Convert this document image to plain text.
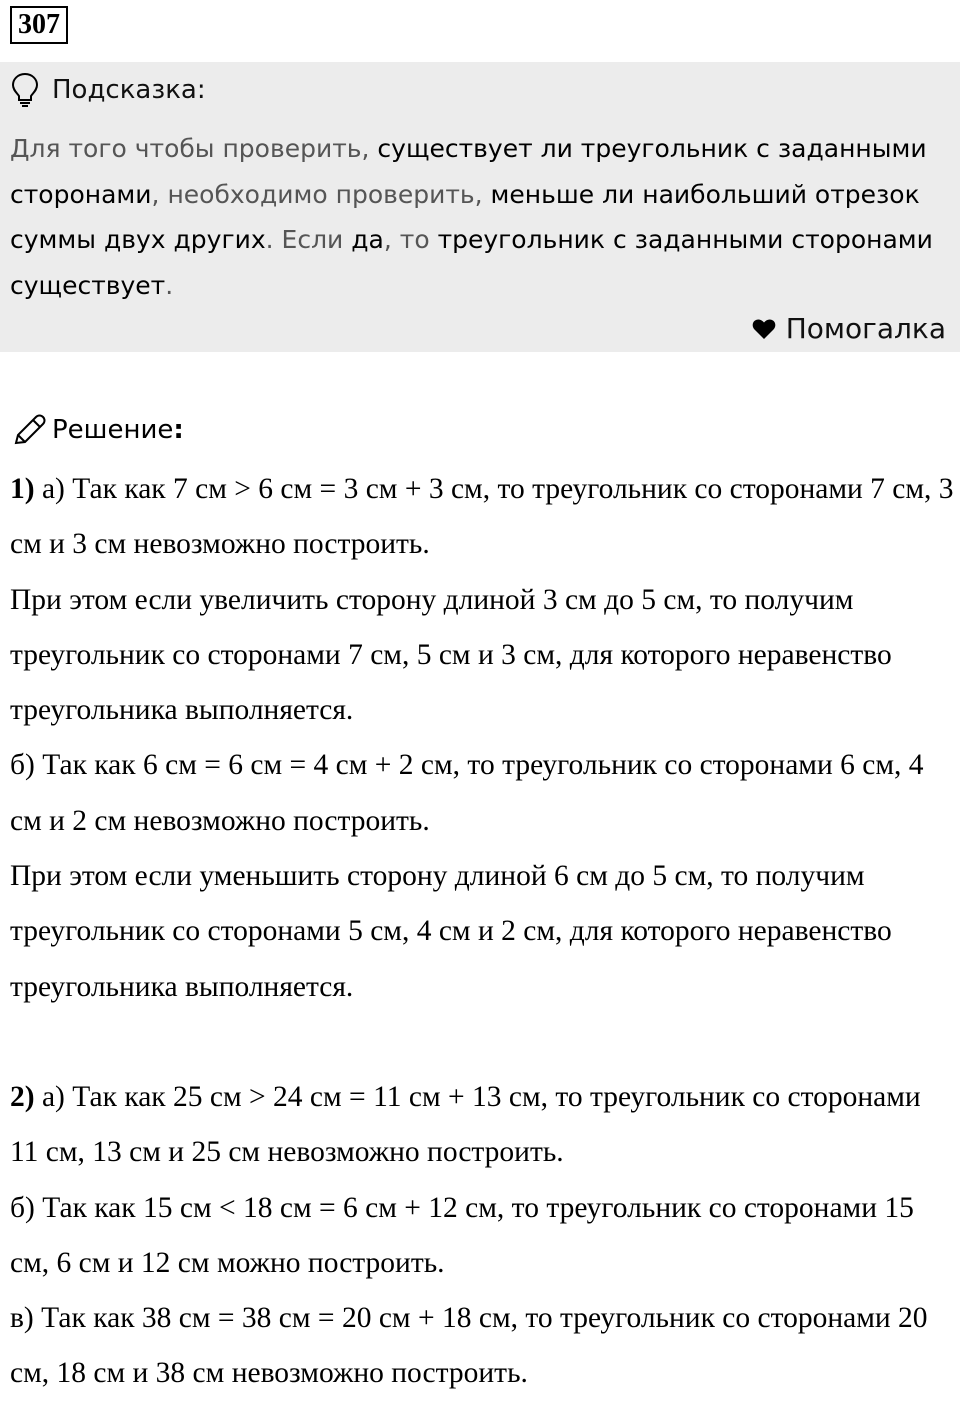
307
Подсказка:
Для того чтобы проверить, существует ли треугольник с заданными сторонами, необходимо проверить, меньше ли наибольший отрезок суммы двух других. Если да, то треугольник с заданными сторонами существует.
Помогалка
Решение:

1) а) Так как 7 см > 6 см = 3 см + 3 см, то треугольник со сторонами 7 см, 3 см и 3 см невозможно построить.

При этом если увеличить сторону длиной 3 см до 5 см, то получим треугольник со сторонами 7 см, 5 см и 3 см, для которого неравенство треугольника выполняется.

б) Так как 6 см = 6 см = 4 см + 2 см, то треугольник со сторонами 6 см, 4 см и 2 см невозможно построить.

При этом если уменьшить сторону длиной 6 см до 5 см, то получим треугольник со сторонами 5 см, 4 см и 2 см, для которого неравенство треугольника выполняется.

2) а) Так как 25 см > 24 см = 11 см + 13 см, то треугольник со сторонами 11 см, 13 см и 25 см невозможно построить.

б) Так как 15 см < 18 см = 6 см + 12 см, то треугольник со сторонами 15 см, 6 см и 12 см можно построить.

в) Так как 38 см = 38 см = 20 см + 18 см, то треугольник со сторонами 20 см, 18 см и 38 см невозможно построить.
